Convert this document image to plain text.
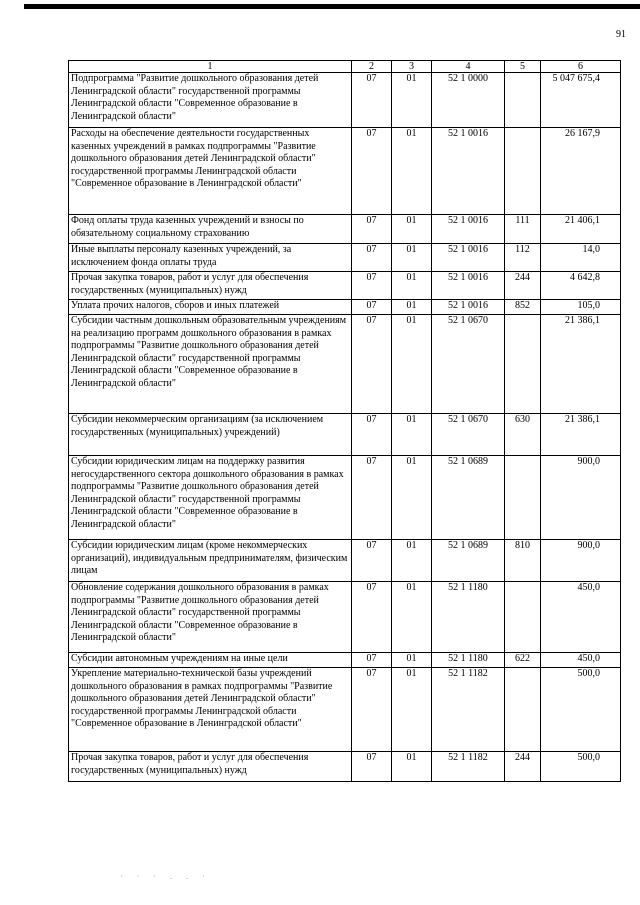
91
1	2	3	4	5	6
Подпрограмма "Развитие дошкольного образования детей Ленинградской области" государственной программы Ленинградской области "Современное образование в Ленинградской области"	07	01	52 1 0000		5 047 675,4
Расходы на обеспечение деятельности государственных казенных учреждений в рамках подпрограммы "Развитие дошкольного образования детей Ленинградской области" государственной программы Ленинградской области "Современное образование в Ленинградской области"	07	01	52 1 0016		26 167,9
Фонд оплаты труда казенных учреждений и взносы по обязательному социальному страхованию	07	01	52 1 0016	111	21 406,1
Иные выплаты персоналу казенных учреждений, за исключением фонда оплаты труда	07	01	52 1 0016	112	14,0
Прочая закупка товаров, работ и услуг для обеспечения государственных (муниципальных) нужд	07	01	52 1 0016	244	4 642,8
Уплата прочих налогов, сборов и иных платежей	07	01	52 1 0016	852	105,0
Субсидии частным дошкольным образовательным учреждениям на реализацию программ дошкольного образования в рамках подпрограммы "Развитие дошкольного образования детей Ленинградской области" государственной программы Ленинградской области "Современное образование в Ленинградской области"	07	01	52 1 0670		21 386,1
Субсидии некоммерческим организациям (за исключением государственных (муниципальных) учреждений)	07	01	52 1 0670	630	21 386,1
Субсидии юридическим лицам на поддержку развития негосударственного сектора дошкольного образования в рамках подпрограммы "Развитие дошкольного образования детей Ленинградской области" государственной программы Ленинградской области "Современное образование в Ленинградской области"	07	01	52 1 0689		900,0
Субсидии юридическим лицам (кроме некоммерческих организаций), индивидуальным предпринимателям, физическим лицам	07	01	52 1 0689	810	900,0
Обновление содержания дошкольного образования в рамках подпрограммы "Развитие дошкольного образования детей Ленинградской области" государственной программы Ленинградской области "Современное образование в Ленинградской области"	07	01	52 1 1180		450,0
Субсидии автономным учреждениям на иные цели	07	01	52 1 1180	622	450,0
Укрепление материально-технической базы учреждений дошкольного образования в рамках подпрограммы "Развитие дошкольного образования детей Ленинградской области" государственной программы Ленинградской области "Современное образование в Ленинградской области"	07	01	52 1 1182		500,0
Прочая закупка товаров, работ и услуг для обеспечения государственных (муниципальных) нужд	07	01	52 1 1182	244	500,0
· · · . . ·
